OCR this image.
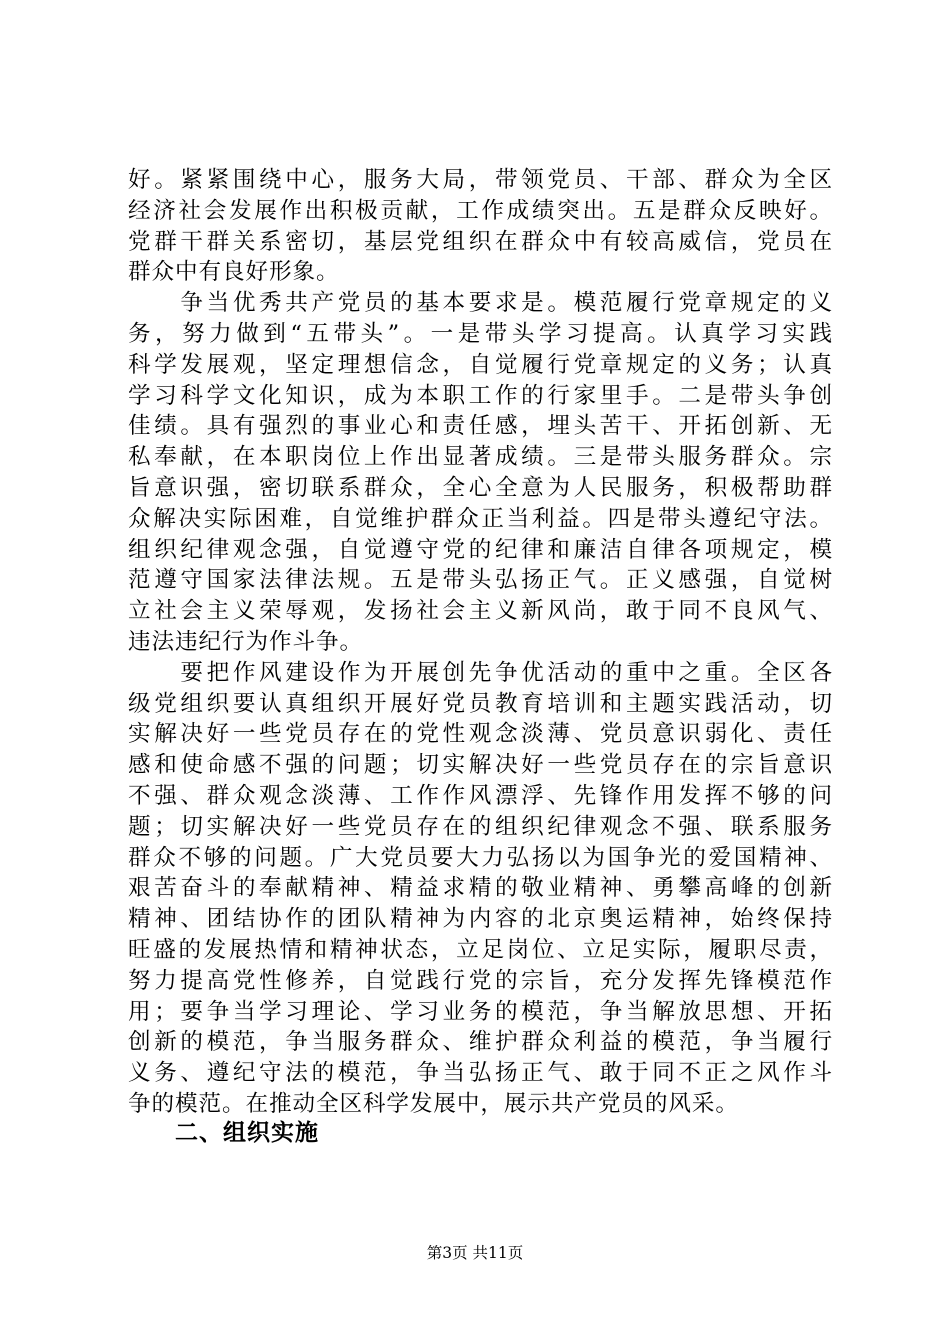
好。紧紧围绕中心，服务大局，带领党员、干部、群众为全区
经济社会发展作出积极贡献，工作成绩突出。五是群众反映好。
党群干群关系密切，基层党组织在群众中有较高威信，党员在
群众中有良好形象。
　　争当优秀共产党员的基本要求是。模范履行党章规定的义
务，努力做到“五带头”。一是带头学习提高。认真学习实践
科学发展观，坚定理想信念，自觉履行党章规定的义务；认真
学习科学文化知识，成为本职工作的行家里手。二是带头争创
佳绩。具有强烈的事业心和责任感，埋头苦干、开拓创新、无
私奉献，在本职岗位上作出显著成绩。三是带头服务群众。宗
旨意识强，密切联系群众，全心全意为人民服务，积极帮助群
众解决实际困难，自觉维护群众正当利益。四是带头遵纪守法。
组织纪律观念强，自觉遵守党的纪律和廉洁自律各项规定，模
范遵守国家法律法规。五是带头弘扬正气。正义感强，自觉树
立社会主义荣辱观，发扬社会主义新风尚，敢于同不良风气、
违法违纪行为作斗争。
　　要把作风建设作为开展创先争优活动的重中之重。全区各
级党组织要认真组织开展好党员教育培训和主题实践活动，切
实解决好一些党员存在的党性观念淡薄、党员意识弱化、责任
感和使命感不强的问题；切实解决好一些党员存在的宗旨意识
不强、群众观念淡薄、工作作风漂浮、先锋作用发挥不够的问
题；切实解决好一些党员存在的组织纪律观念不强、联系服务
群众不够的问题。广大党员要大力弘扬以为国争光的爱国精神、
艰苦奋斗的奉献精神、精益求精的敬业精神、勇攀高峰的创新
精神、团结协作的团队精神为内容的北京奥运精神，始终保持
旺盛的发展热情和精神状态，立足岗位、立足实际，履职尽责，
努力提高党性修养，自觉践行党的宗旨，充分发挥先锋模范作
用；要争当学习理论、学习业务的模范，争当解放思想、开拓
创新的模范，争当服务群众、维护群众利益的模范，争当履行
义务、遵纪守法的模范，争当弘扬正气、敢于同不正之风作斗
争的模范。在推动全区科学发展中，展示共产党员的风采。
二、组织实施
第3页 共11页
